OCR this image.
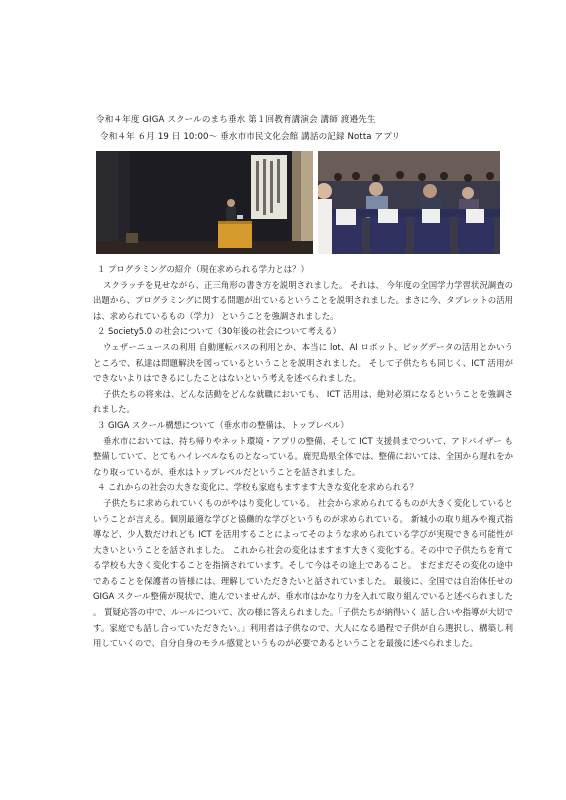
令和４年度 GIGA スクールのまち垂水 第１回教育講演会 講師 渡邉先生
令和４年 ６月 19 日 10:00～ 垂水市市民文化会館 講話の記録 Notta アプリ

１ プログラミングの紹介（現在求められる学力とは？）

スクラッチを見せながら、正三角形の書き方を説明されました。 それは、 今年度の全国学力学習状況調査の出題から、プログラミングに関する問題が出ているということを説明されました。まさに今、タブレットの活用は、求められているもの（学力） ということを強調されました。

２ Society5.0 の社会について（30年後の社会について考える）

ウェザーニュースの利用 自動運転バスの利用とか、本当に lot、AI ロボット、ビッグデータの活用とかいうところで、私達は問題解決を図っているということを説明されました。 そして子供たちも同じく、ICT 活用ができないよりはできるにしたことはないという考えを述べられました。

子供たちの将来は、どんな活動をどんな就職においても、 ICT 活用は、絶対必須になるということを強調されました。

３ GIGA スクール構想について（垂水市の整備は、トップレベル）

垂水市においては、持ち帰りやネット環境・アプリの整備、そして ICT 支援員までついて、アドバイザー も整備していて、とてもハイレベルなものとなっている。鹿児島県全体では、整備においては、全国から遅れをかなり取っているが、垂水はトップレベルだということを話されました。

４ これからの社会の大きな変化に、学校も家庭もますます大きな変化を求められる？

子供たちに求められていくものがやはり変化している。 社会から求められてるものが大きく変化しているということが言える。個別最適な学びと協働的な学びというものが求められている。 新城小の取り組みや複式指導など、少人数だけれども ICT を活用することによってそのような求められている学びが実現できる可能性が大きいということを話されました。 これから社会の変化はますます大きく変化する。その中で子供たちを育てる学校も大きく変化することを指摘されています。そして今はその途上であること。 まだまだその変化の途中であることを保護者の皆様には、理解していただきたいと話されていました。 最後に、全国では自治体任せの GIGA スクール整備が現状で、進んでいませんが、垂水市はかなり力を入れて取り組んでいると述べられました。 質疑応答の中で、ルールについて、次の様に答えられました。「子供たちが納得いく 話し合いや指導が大切です。家庭でも話し合っていただきたい。」利用者は子供なので、大人になる過程で子供が自ら選択し、構築し利用していくので、自分自身のモラル感覚というものが必要であるということを最後に述べられました。
